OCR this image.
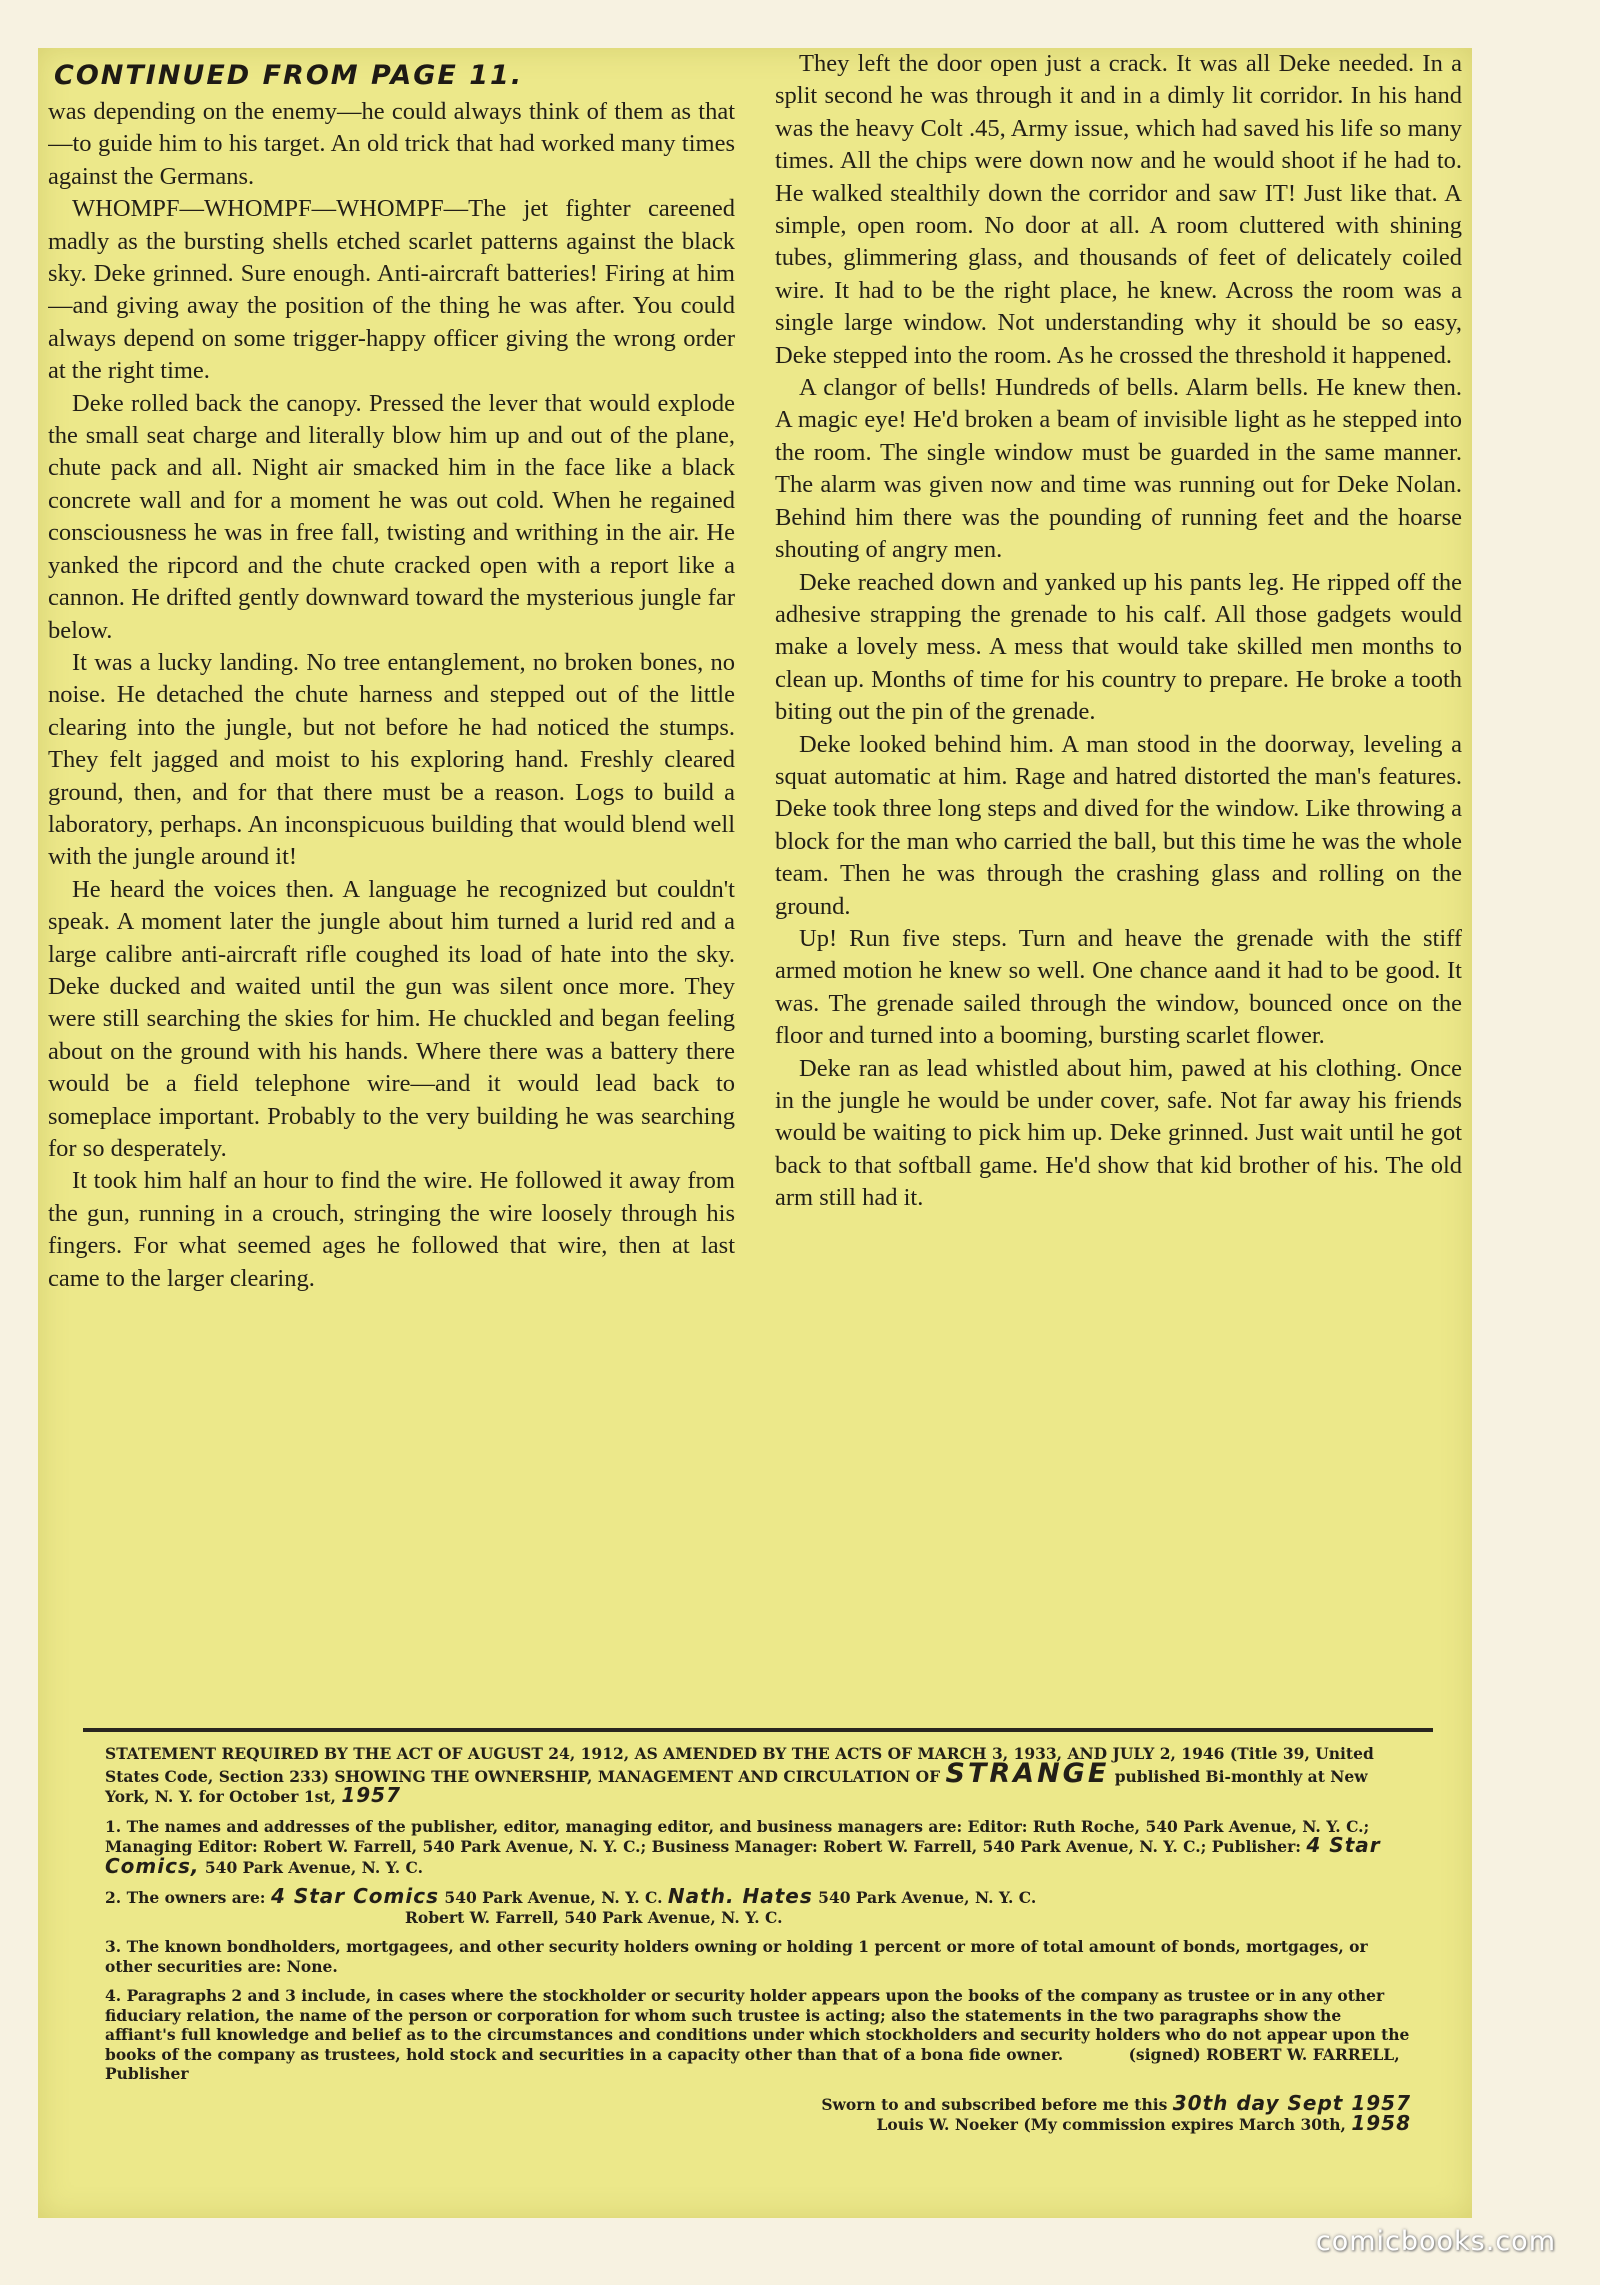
CONTINUED FROM PAGE 11.

was depending on the enemy—he could always think of them as that—to guide him to his target. An old trick that had worked many times against the Germans.

WHOMPF—WHOMPF—WHOMPF—The jet fighter careened madly as the bursting shells etched scarlet patterns against the black sky. Deke grinned. Sure enough. Anti-aircraft batteries! Firing at him—and giving away the position of the thing he was after. You could always depend on some trigger-happy officer giving the wrong order at the right time.

Deke rolled back the canopy. Pressed the lever that would explode the small seat charge and literally blow him up and out of the plane, chute pack and all. Night air smacked him in the face like a black concrete wall and for a moment he was out cold. When he regained consciousness he was in free fall, twisting and writhing in the air. He yanked the ripcord and the chute cracked open with a report like a cannon. He drifted gently downward toward the mysterious jungle far below.

It was a lucky landing. No tree entanglement, no broken bones, no noise. He detached the chute harness and stepped out of the little clearing into the jungle, but not before he had noticed the stumps. They felt jagged and moist to his exploring hand. Freshly cleared ground, then, and for that there must be a reason. Logs to build a laboratory, perhaps. An inconspicuous building that would blend well with the jungle around it!

He heard the voices then. A language he recognized but couldn't speak. A moment later the jungle about him turned a lurid red and a large calibre anti-aircraft rifle coughed its load of hate into the sky. Deke ducked and waited until the gun was silent once more. They were still searching the skies for him. He chuckled and began feeling about on the ground with his hands. Where there was a battery there would be a field telephone wire—and it would lead back to someplace important. Probably to the very building he was searching for so desperately.

It took him half an hour to find the wire. He followed it away from the gun, running in a crouch, stringing the wire loosely through his fingers. For what seemed ages he followed that wire, then at last came to the larger clearing.

They left the door open just a crack. It was all Deke needed. In a split second he was through it and in a dimly lit corridor. In his hand was the heavy Colt .45, Army issue, which had saved his life so many times. All the chips were down now and he would shoot if he had to. He walked stealthily down the corridor and saw IT! Just like that. A simple, open room. No door at all. A room cluttered with shining tubes, glimmering glass, and thousands of feet of delicately coiled wire. It had to be the right place, he knew. Across the room was a single large window. Not understanding why it should be so easy, Deke stepped into the room. As he crossed the threshold it happened.

A clangor of bells! Hundreds of bells. Alarm bells. He knew then. A magic eye! He'd broken a beam of invisible light as he stepped into the room. The single window must be guarded in the same manner. The alarm was given now and time was running out for Deke Nolan. Behind him there was the pounding of running feet and the hoarse shouting of angry men.

Deke reached down and yanked up his pants leg. He ripped off the adhesive strapping the grenade to his calf. All those gadgets would make a lovely mess. A mess that would take skilled men months to clean up. Months of time for his country to prepare. He broke a tooth biting out the pin of the grenade.

Deke looked behind him. A man stood in the doorway, leveling a squat automatic at him. Rage and hatred distorted the man's features. Deke took three long steps and dived for the window. Like throwing a block for the man who carried the ball, but this time he was the whole team. Then he was through the crashing glass and rolling on the ground.

Up! Run five steps. Turn and heave the grenade with the stiff armed motion he knew so well. One chance aand it had to be good. It was. The grenade sailed through the window, bounced once on the floor and turned into a booming, bursting scarlet flower.

Deke ran as lead whistled about him, pawed at his clothing. Once in the jungle he would be under cover, safe. Not far away his friends would be waiting to pick him up. Deke grinned. Just wait until he got back to that softball game. He'd show that kid brother of his. The old arm still had it.

STATEMENT REQUIRED BY THE ACT OF AUGUST 24, 1912, AS AMENDED BY THE ACTS OF MARCH 3, 1933, AND JULY 2, 1946 (Title 39, United States Code, Section 233) SHOWING THE OWNERSHIP, MANAGEMENT AND CIRCULATION OF STRANGE published Bi-monthly at New York, N. Y. for October 1st, 1957

1. The names and addresses of the publisher, editor, managing editor, and business managers are: Editor: Ruth Roche, 540 Park Avenue, N. Y. C.; Managing Editor: Robert W. Farrell, 540 Park Avenue, N. Y. C.; Business Manager: Robert W. Farrell, 540 Park Avenue, N. Y. C.; Publisher: 4 Star Comics, 540 Park Avenue, N. Y. C.

2. The owners are: 4 Star Comics 540 Park Avenue, N. Y. C. Nath. Hates 540 Park Avenue, N. Y. C.
Robert W. Farrell, 540 Park Avenue, N. Y. C.

3. The known bondholders, mortgagees, and other security holders owning or holding 1 percent or more of total amount of bonds, mortgages, or other securities are: None.

4. Paragraphs 2 and 3 include, in cases where the stockholder or security holder appears upon the books of the company as trustee or in any other fiduciary relation, the name of the person or corporation for whom such trustee is acting; also the statements in the two paragraphs show the affiant's full knowledge and belief as to the circumstances and conditions under which stockholders and security holders who do not appear upon the books of the company as trustees, hold stock and securities in a capacity other than that of a bona fide owner.	(signed) ROBERT W. FARRELL, Publisher

Sworn to and subscribed before me this 30th day Sept 1957

Louis W. Noeker (My commission expires March 30th, 1958

comicbooks.com
